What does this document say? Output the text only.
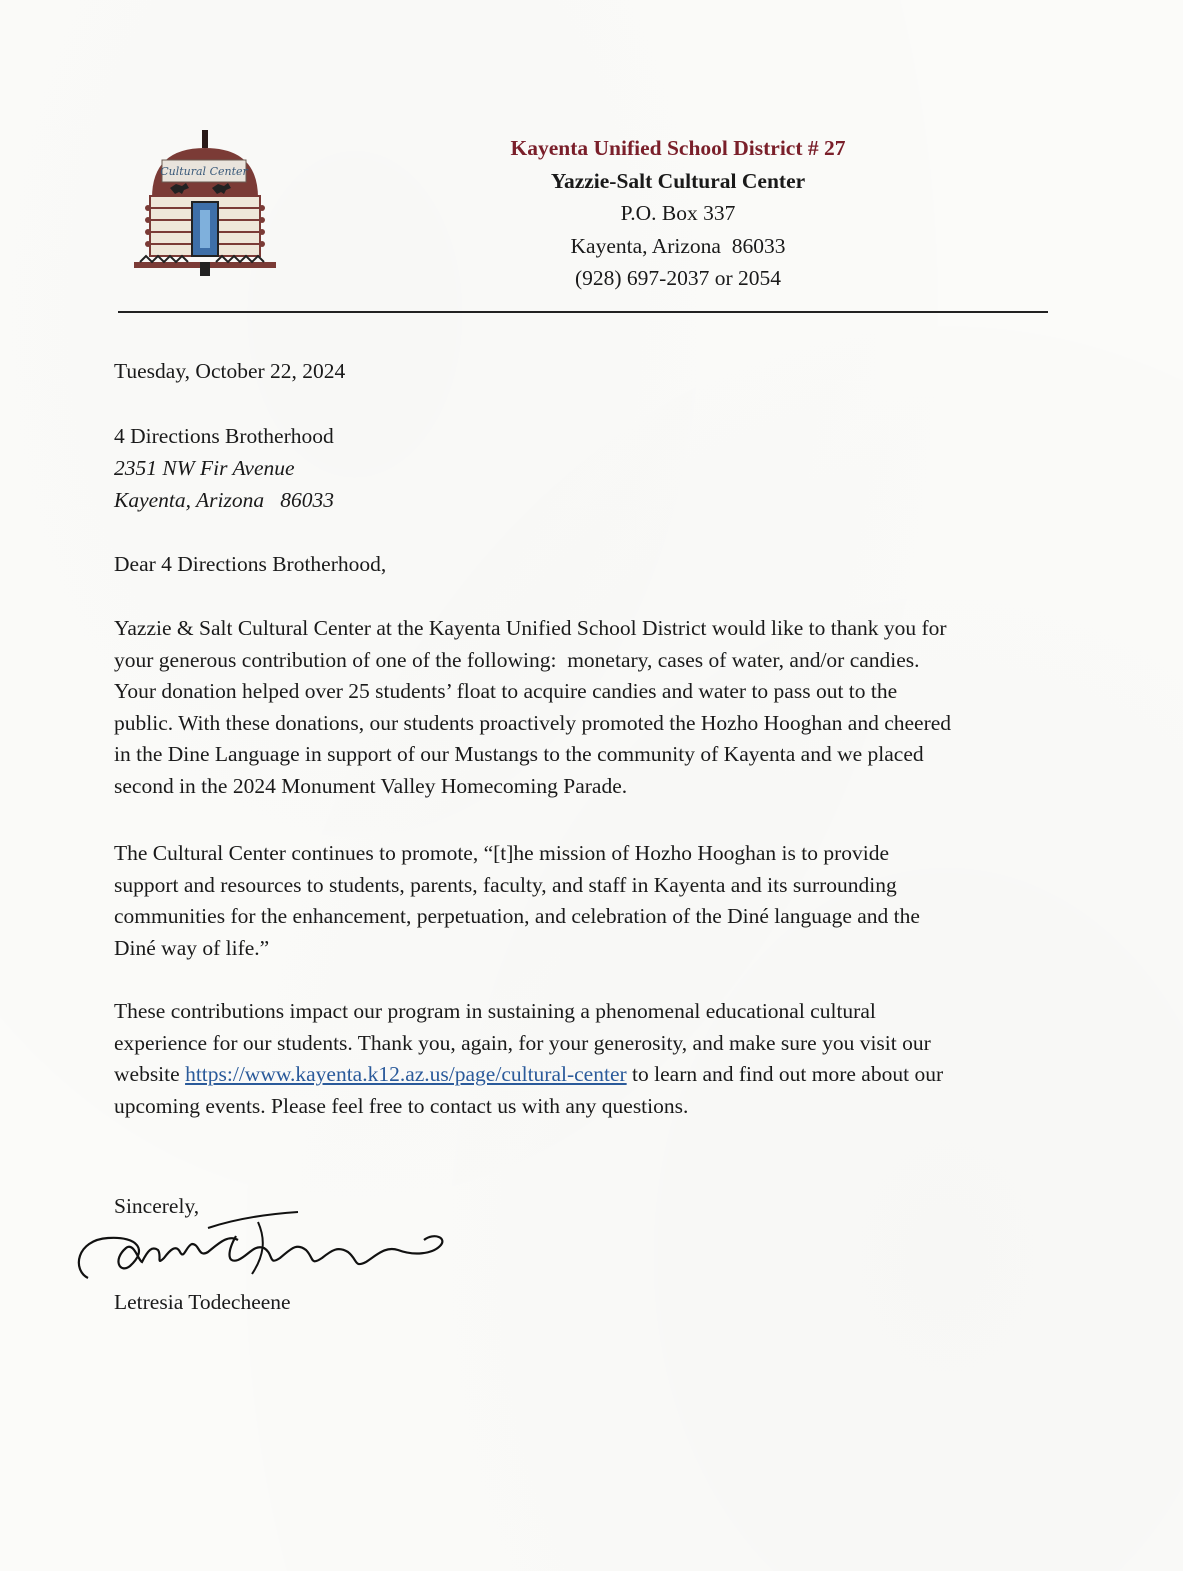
Cultural Center
Kayenta Unified School District # 27
Yazzie-Salt Cultural Center
P.O. Box 337
Kayenta, Arizona  86033
(928) 697-2037 or 2054
Tuesday, October 22, 2024
4 Directions Brotherhood
2351 NW Fir Avenue
Kayenta, Arizona   86033
Dear 4 Directions Brotherhood,
Yazzie & Salt Cultural Center at the Kayenta Unified School District would like to thank you for
your generous contribution of one of the following:  monetary, cases of water, and/or candies.
Your donation helped over 25 students’ float to acquire candies and water to pass out to the
public. With these donations, our students proactively promoted the Hozho Hooghan and cheered
in the Dine Language in support of our Mustangs to the community of Kayenta and we placed
second in the 2024 Monument Valley Homecoming Parade.
The Cultural Center continues to promote, “[t]he mission of Hozho Hooghan is to provide
support and resources to students, parents, faculty, and staff in Kayenta and its surrounding
communities for the enhancement, perpetuation, and celebration of the Diné language and the
Diné way of life.”
These contributions impact our program in sustaining a phenomenal educational cultural
experience for our students. Thank you, again, for your generosity, and make sure you visit our
website https://www.kayenta.k12.az.us/page/cultural-center to learn and find out more about our
upcoming events. Please feel free to contact us with any questions.
Sincerely,
Letresia Todecheene
